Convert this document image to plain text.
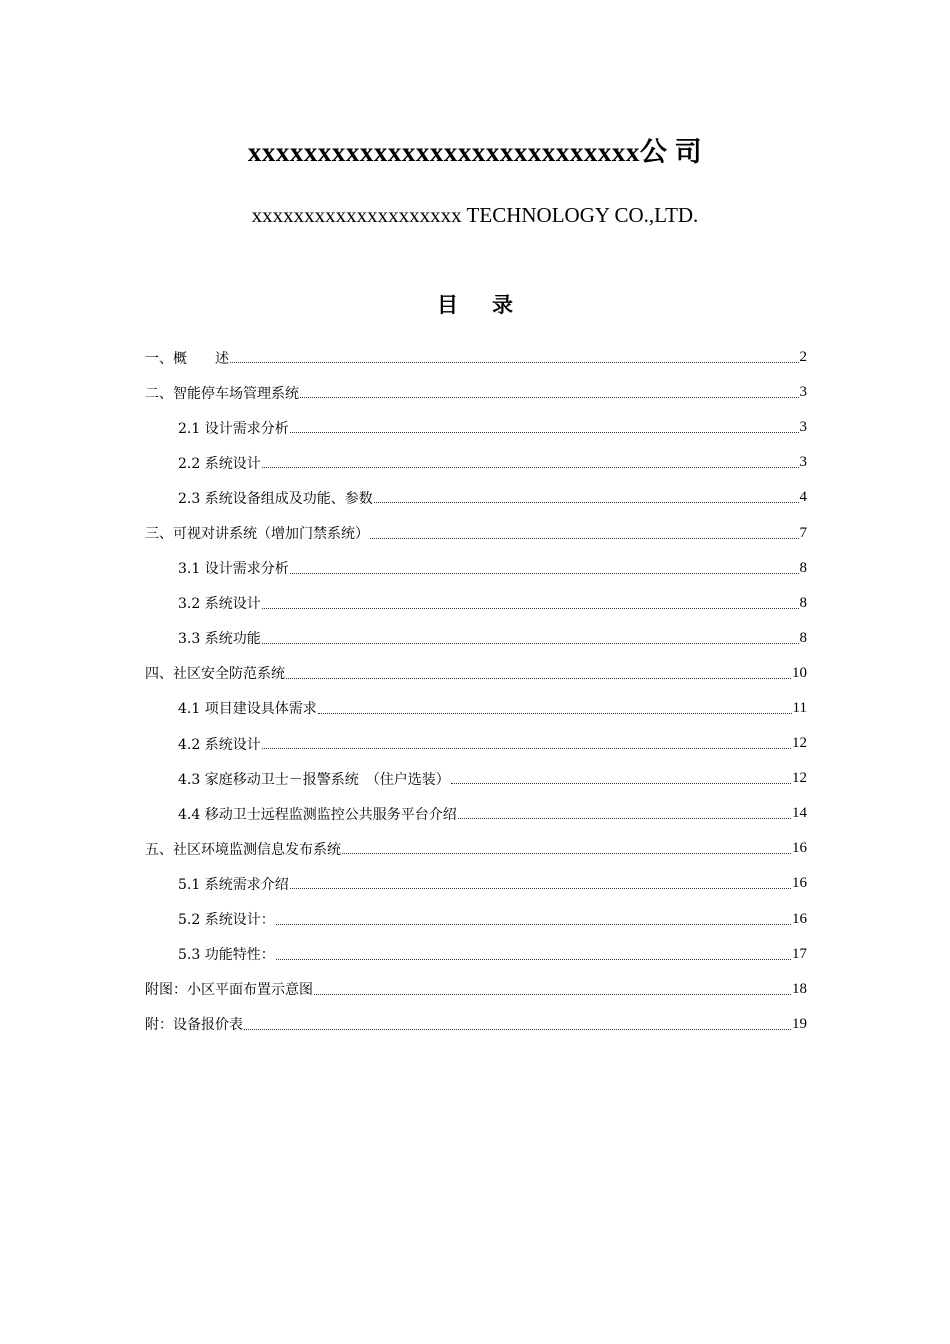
xxxxxxxxxxxxxxxxxxxxxxxxxxxx公 司
xxxxxxxxxxxxxxxxxxxx TECHNOLOGY CO.,LTD.
目录
一、概　　述	2
二、智能停车场管理系统	3
2.1 设计需求分析	3
2.2 系统设计	3
2.3 系统设备组成及功能、参数	4
三、可视对讲系统（增加门禁系统）	7
3.1 设计需求分析	8
3.2 系统设计	8
3.3 系统功能	8
四、社区安全防范系统	10
4.1 项目建设具体需求	11
4.2 系统设计	12
4.3 家庭移动卫士－报警系统　（住户选装）	12
4.4 移动卫士远程监测监控公共服务平台介绍	14
五、社区环境监测信息发布系统	16
5.1 系统需求介绍	16
5.2 系统设计：	16
5.3 功能特性：	17
附图：小区平面布置示意图	18
附：设备报价表	19
